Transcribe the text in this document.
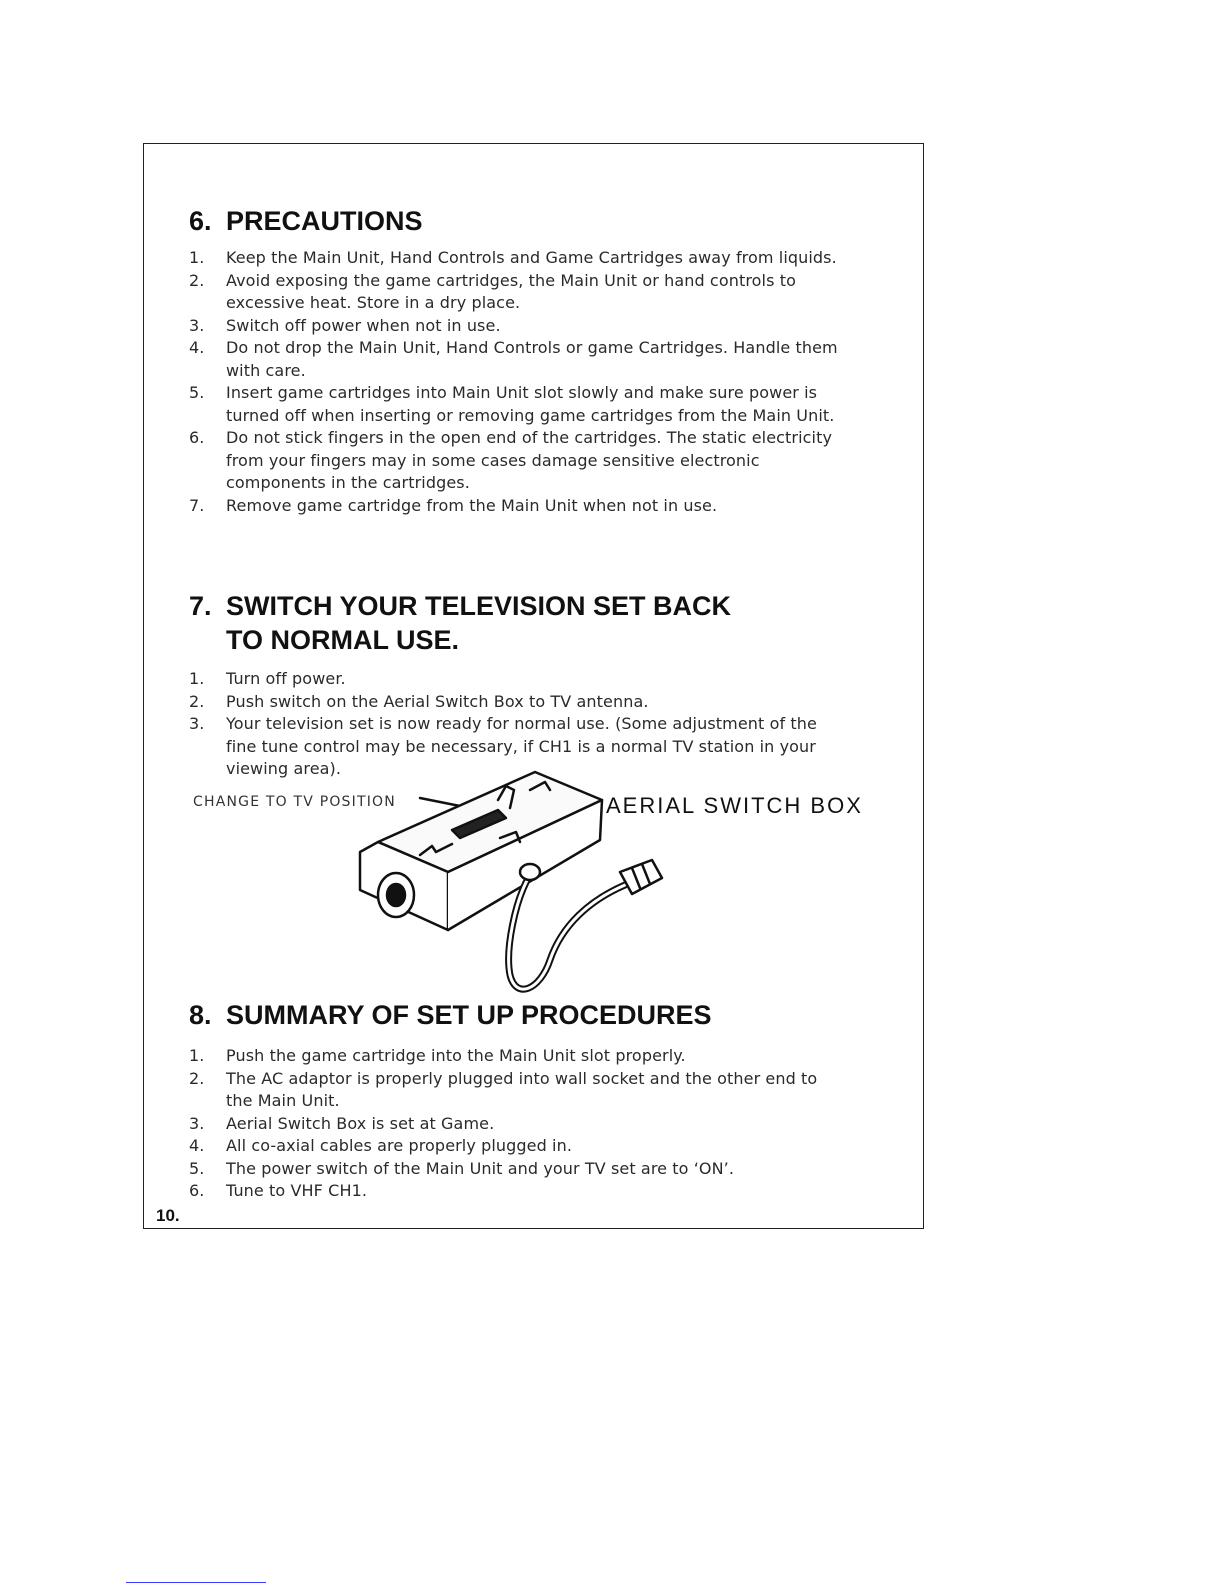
6. PRECAUTIONS
1. Keep the Main Unit, Hand Controls and Game Cartridges away from liquids.
2. Avoid exposing the game cartridges, the Main Unit or hand controls to excessive heat. Store in a dry place.
3. Switch off power when not in use.
4. Do not drop the Main Unit, Hand Controls or game Cartridges. Handle them with care.
5. Insert game cartridges into Main Unit slot slowly and make sure power is turned off when inserting or removing game cartridges from the Main Unit.
6. Do not stick fingers in the open end of the cartridges. The static electricity from your fingers may in some cases damage sensitive electronic components in the cartridges.
7. Remove game cartridge from the Main Unit when not in use.
7. SWITCH YOUR TELEVISION SET BACK
TO NORMAL USE.
1. Turn off power.
2. Push switch on the Aerial Switch Box to TV antenna.
3. Your television set is now ready for normal use. (Some adjustment of the fine tune control may be necessary, if CH1 is a normal TV station in your viewing area).
CHANGE TO TV POSITION	AERIAL SWITCH BOX
8. SUMMARY OF SET UP PROCEDURES
1. Push the game cartridge into the Main Unit slot properly.
2. The AC adaptor is properly plugged into wall socket and the other end to the Main Unit.
3. Aerial Switch Box is set at Game.
4. All co-axial cables are properly plugged in.
5. The power switch of the Main Unit and your TV set are to ‘ON’.
6. Tune to VHF CH1.
10.
